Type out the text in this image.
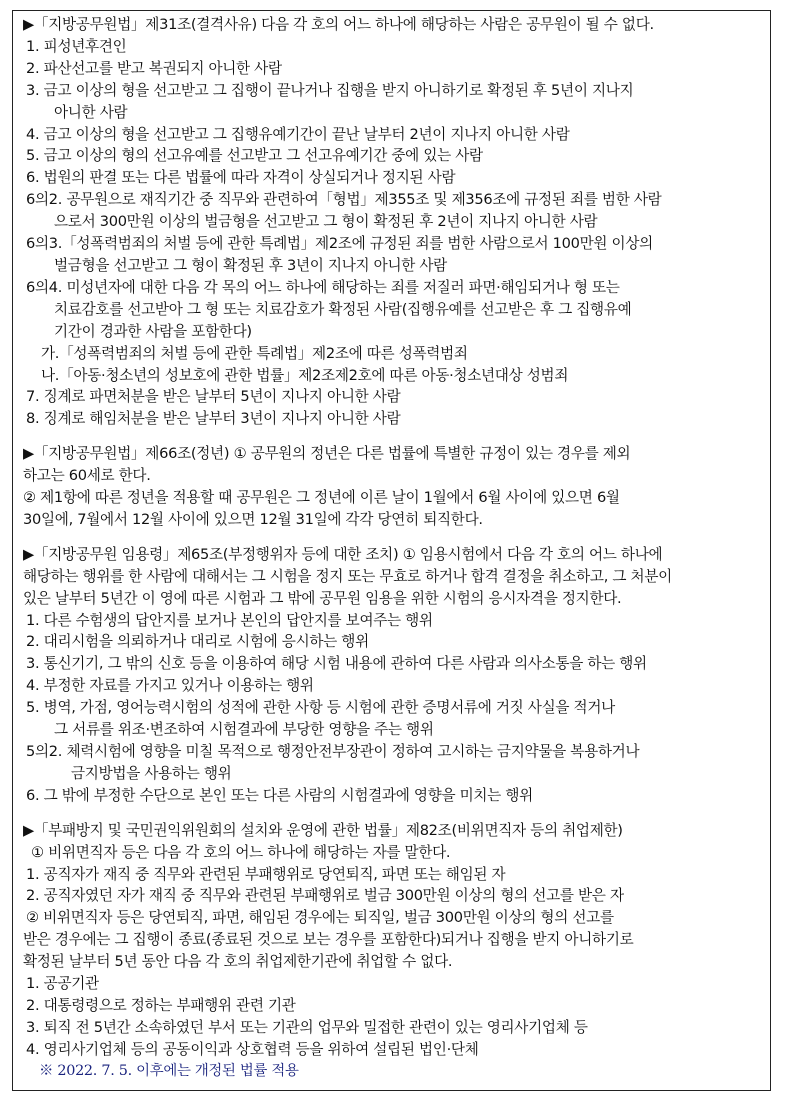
▶「지방공무원법」제31조(결격사유) 다음 각 호의 어느 하나에 해당하는 사람은 공무원이 될 수 없다.
1. 피성년후견인
2. 파산선고를 받고 복권되지 아니한 사람
3. 금고 이상의 형을 선고받고 그 집행이 끝나거나 집행을 받지 아니하기로 확정된 후 5년이 지나지
아니한 사람
4. 금고 이상의 형을 선고받고 그 집행유예기간이 끝난 날부터 2년이 지나지 아니한 사람
5. 금고 이상의 형의 선고유예를 선고받고 그 선고유예기간 중에 있는 사람
6. 법원의 판결 또는 다른 법률에 따라 자격이 상실되거나 정지된 사람
6의2. 공무원으로 재직기간 중 직무와 관련하여「형법」제355조 및 제356조에 규정된 죄를 범한 사람
으로서 300만원 이상의 벌금형을 선고받고 그 형이 확정된 후 2년이 지나지 아니한 사람
6의3.「성폭력범죄의 처벌 등에 관한 특례법」제2조에 규정된 죄를 범한 사람으로서 100만원 이상의
벌금형을 선고받고 그 형이 확정된 후 3년이 지나지 아니한 사람
6의4. 미성년자에 대한 다음 각 목의 어느 하나에 해당하는 죄를 저질러 파면·해임되거나 형 또는
치료감호를 선고받아 그 형 또는 치료감호가 확정된 사람(집행유예를 선고받은 후 그 집행유예
기간이 경과한 사람을 포함한다)
가.「성폭력범죄의 처벌 등에 관한 특례법」제2조에 따른 성폭력범죄
나.「아동·청소년의 성보호에 관한 법률」제2조제2호에 따른 아동·청소년대상 성범죄
7. 징계로 파면처분을 받은 날부터 5년이 지나지 아니한 사람
8. 징계로 해임처분을 받은 날부터 3년이 지나지 아니한 사람
▶「지방공무원법」제66조(정년) ① 공무원의 정년은 다른 법률에 특별한 규정이 있는 경우를 제외
하고는 60세로 한다.
② 제1항에 따른 정년을 적용할 때 공무원은 그 정년에 이른 날이 1월에서 6월 사이에 있으면 6월
30일에, 7월에서 12월 사이에 있으면 12월 31일에 각각 당연히 퇴직한다.
▶「지방공무원 임용령」제65조(부정행위자 등에 대한 조치) ① 임용시험에서 다음 각 호의 어느 하나에
해당하는 행위를 한 사람에 대해서는 그 시험을 정지 또는 무효로 하거나 합격 결정을 취소하고, 그 처분이
있은 날부터 5년간 이 영에 따른 시험과 그 밖에 공무원 임용을 위한 시험의 응시자격을 정지한다.
1. 다른 수험생의 답안지를 보거나 본인의 답안지를 보여주는 행위
2. 대리시험을 의뢰하거나 대리로 시험에 응시하는 행위
3. 통신기기, 그 밖의 신호 등을 이용하여 해당 시험 내용에 관하여 다른 사람과 의사소통을 하는 행위
4. 부정한 자료를 가지고 있거나 이용하는 행위
5. 병역, 가점, 영어능력시험의 성적에 관한 사항 등 시험에 관한 증명서류에 거짓 사실을 적거나
그 서류를 위조·변조하여 시험결과에 부당한 영향을 주는 행위
5의2. 체력시험에 영향을 미칠 목적으로 행정안전부장관이 정하여 고시하는 금지약물을 복용하거나
금지방법을 사용하는 행위
6. 그 밖에 부정한 수단으로 본인 또는 다른 사람의 시험결과에 영향을 미치는 행위
▶「부패방지 및 국민권익위원회의 설치와 운영에 관한 법률」제82조(비위면직자 등의 취업제한)
① 비위면직자 등은 다음 각 호의 어느 하나에 해당하는 자를 말한다.
1. 공직자가 재직 중 직무와 관련된 부패행위로 당연퇴직, 파면 또는 해임된 자
2. 공직자였던 자가 재직 중 직무와 관련된 부패행위로 벌금 300만원 이상의 형의 선고를 받은 자
② 비위면직자 등은 당연퇴직, 파면, 해임된 경우에는 퇴직일, 벌금 300만원 이상의 형의 선고를
받은 경우에는 그 집행이 종료(종료된 것으로 보는 경우를 포함한다)되거나 집행을 받지 아니하기로
확정된 날부터 5년 동안 다음 각 호의 취업제한기관에 취업할 수 없다.
1. 공공기관
2. 대통령령으로 정하는 부패행위 관련 기관
3. 퇴직 전 5년간 소속하였던 부서 또는 기관의 업무와 밀접한 관련이 있는 영리사기업체 등
4. 영리사기업체 등의 공동이익과 상호협력 등을 위하여 설립된 법인·단체
※ 2022. 7. 5. 이후에는 개정된 법률 적용
